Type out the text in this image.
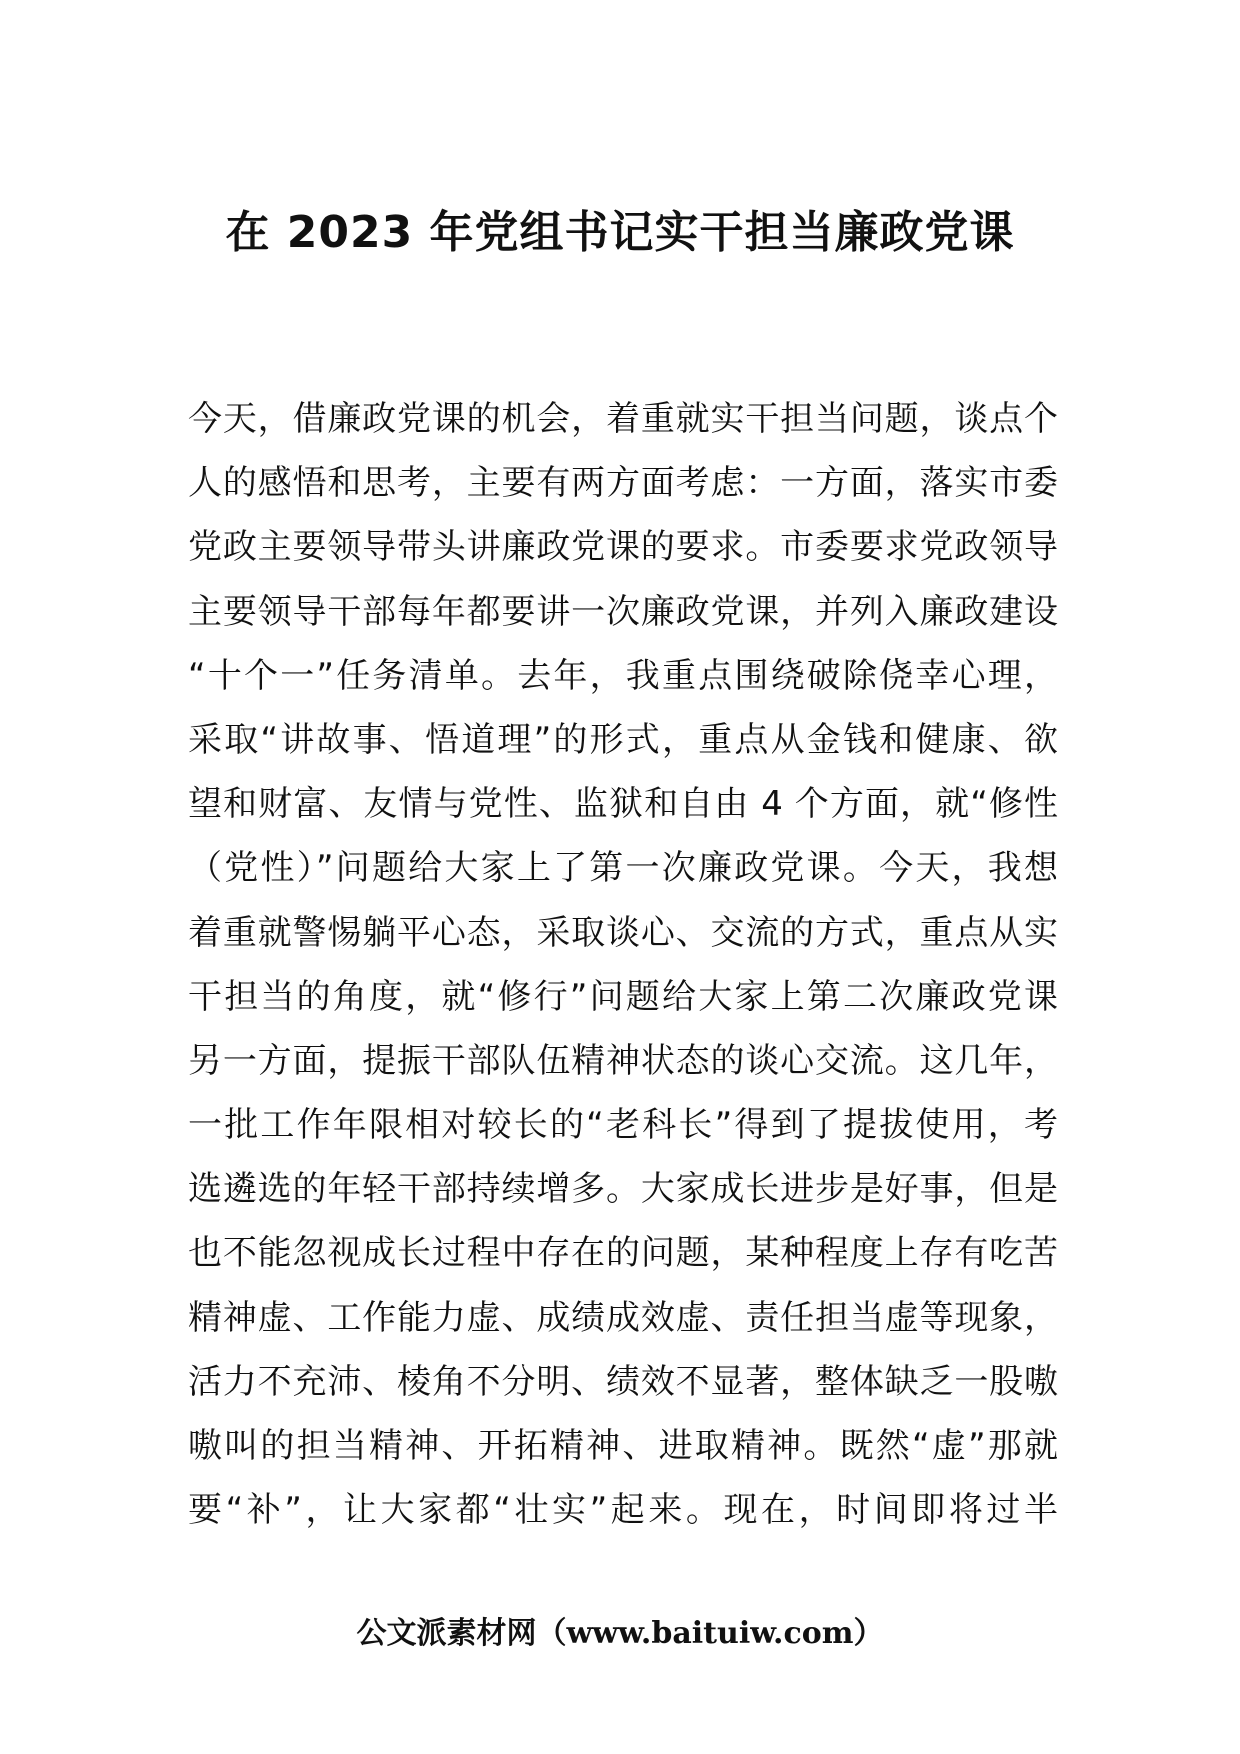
在 2023 年党组书记实干担当廉政党课
今天，借廉政党课的机会，着重就实干担当问题，谈点个
人的感悟和思考，主要有两方面考虑：一方面，落实市委
党政主要领导带头讲廉政党课的要求。市委要求党政领导
主要领导干部每年都要讲一次廉政党课，并列入廉政建设
“十个一”任务清单。去年，我重点围绕破除侥幸心理，
采取“讲故事、悟道理”的形式，重点从金钱和健康、欲
望和财富、友情与党性、监狱和自由 4 个方面，就“修性
（党性）”问题给大家上了第一次廉政党课。今天，我想
着重就警惕躺平心态，采取谈心、交流的方式，重点从实
干担当的角度，就“修行”问题给大家上第二次廉政党课
另一方面，提振干部队伍精神状态的谈心交流。这几年，
一批工作年限相对较长的“老科长”得到了提拔使用，考
选遴选的年轻干部持续增多。大家成长进步是好事，但是
也不能忽视成长过程中存在的问题，某种程度上存有吃苦
精神虚、工作能力虚、成绩成效虚、责任担当虚等现象，
活力不充沛、棱角不分明、绩效不显著，整体缺乏一股嗷
嗷叫的担当精神、开拓精神、进取精神。既然“虚”那就
要“补”，让大家都“壮实”起来。现在，时间即将过半
公文派素材网（www.baituiw.com）
